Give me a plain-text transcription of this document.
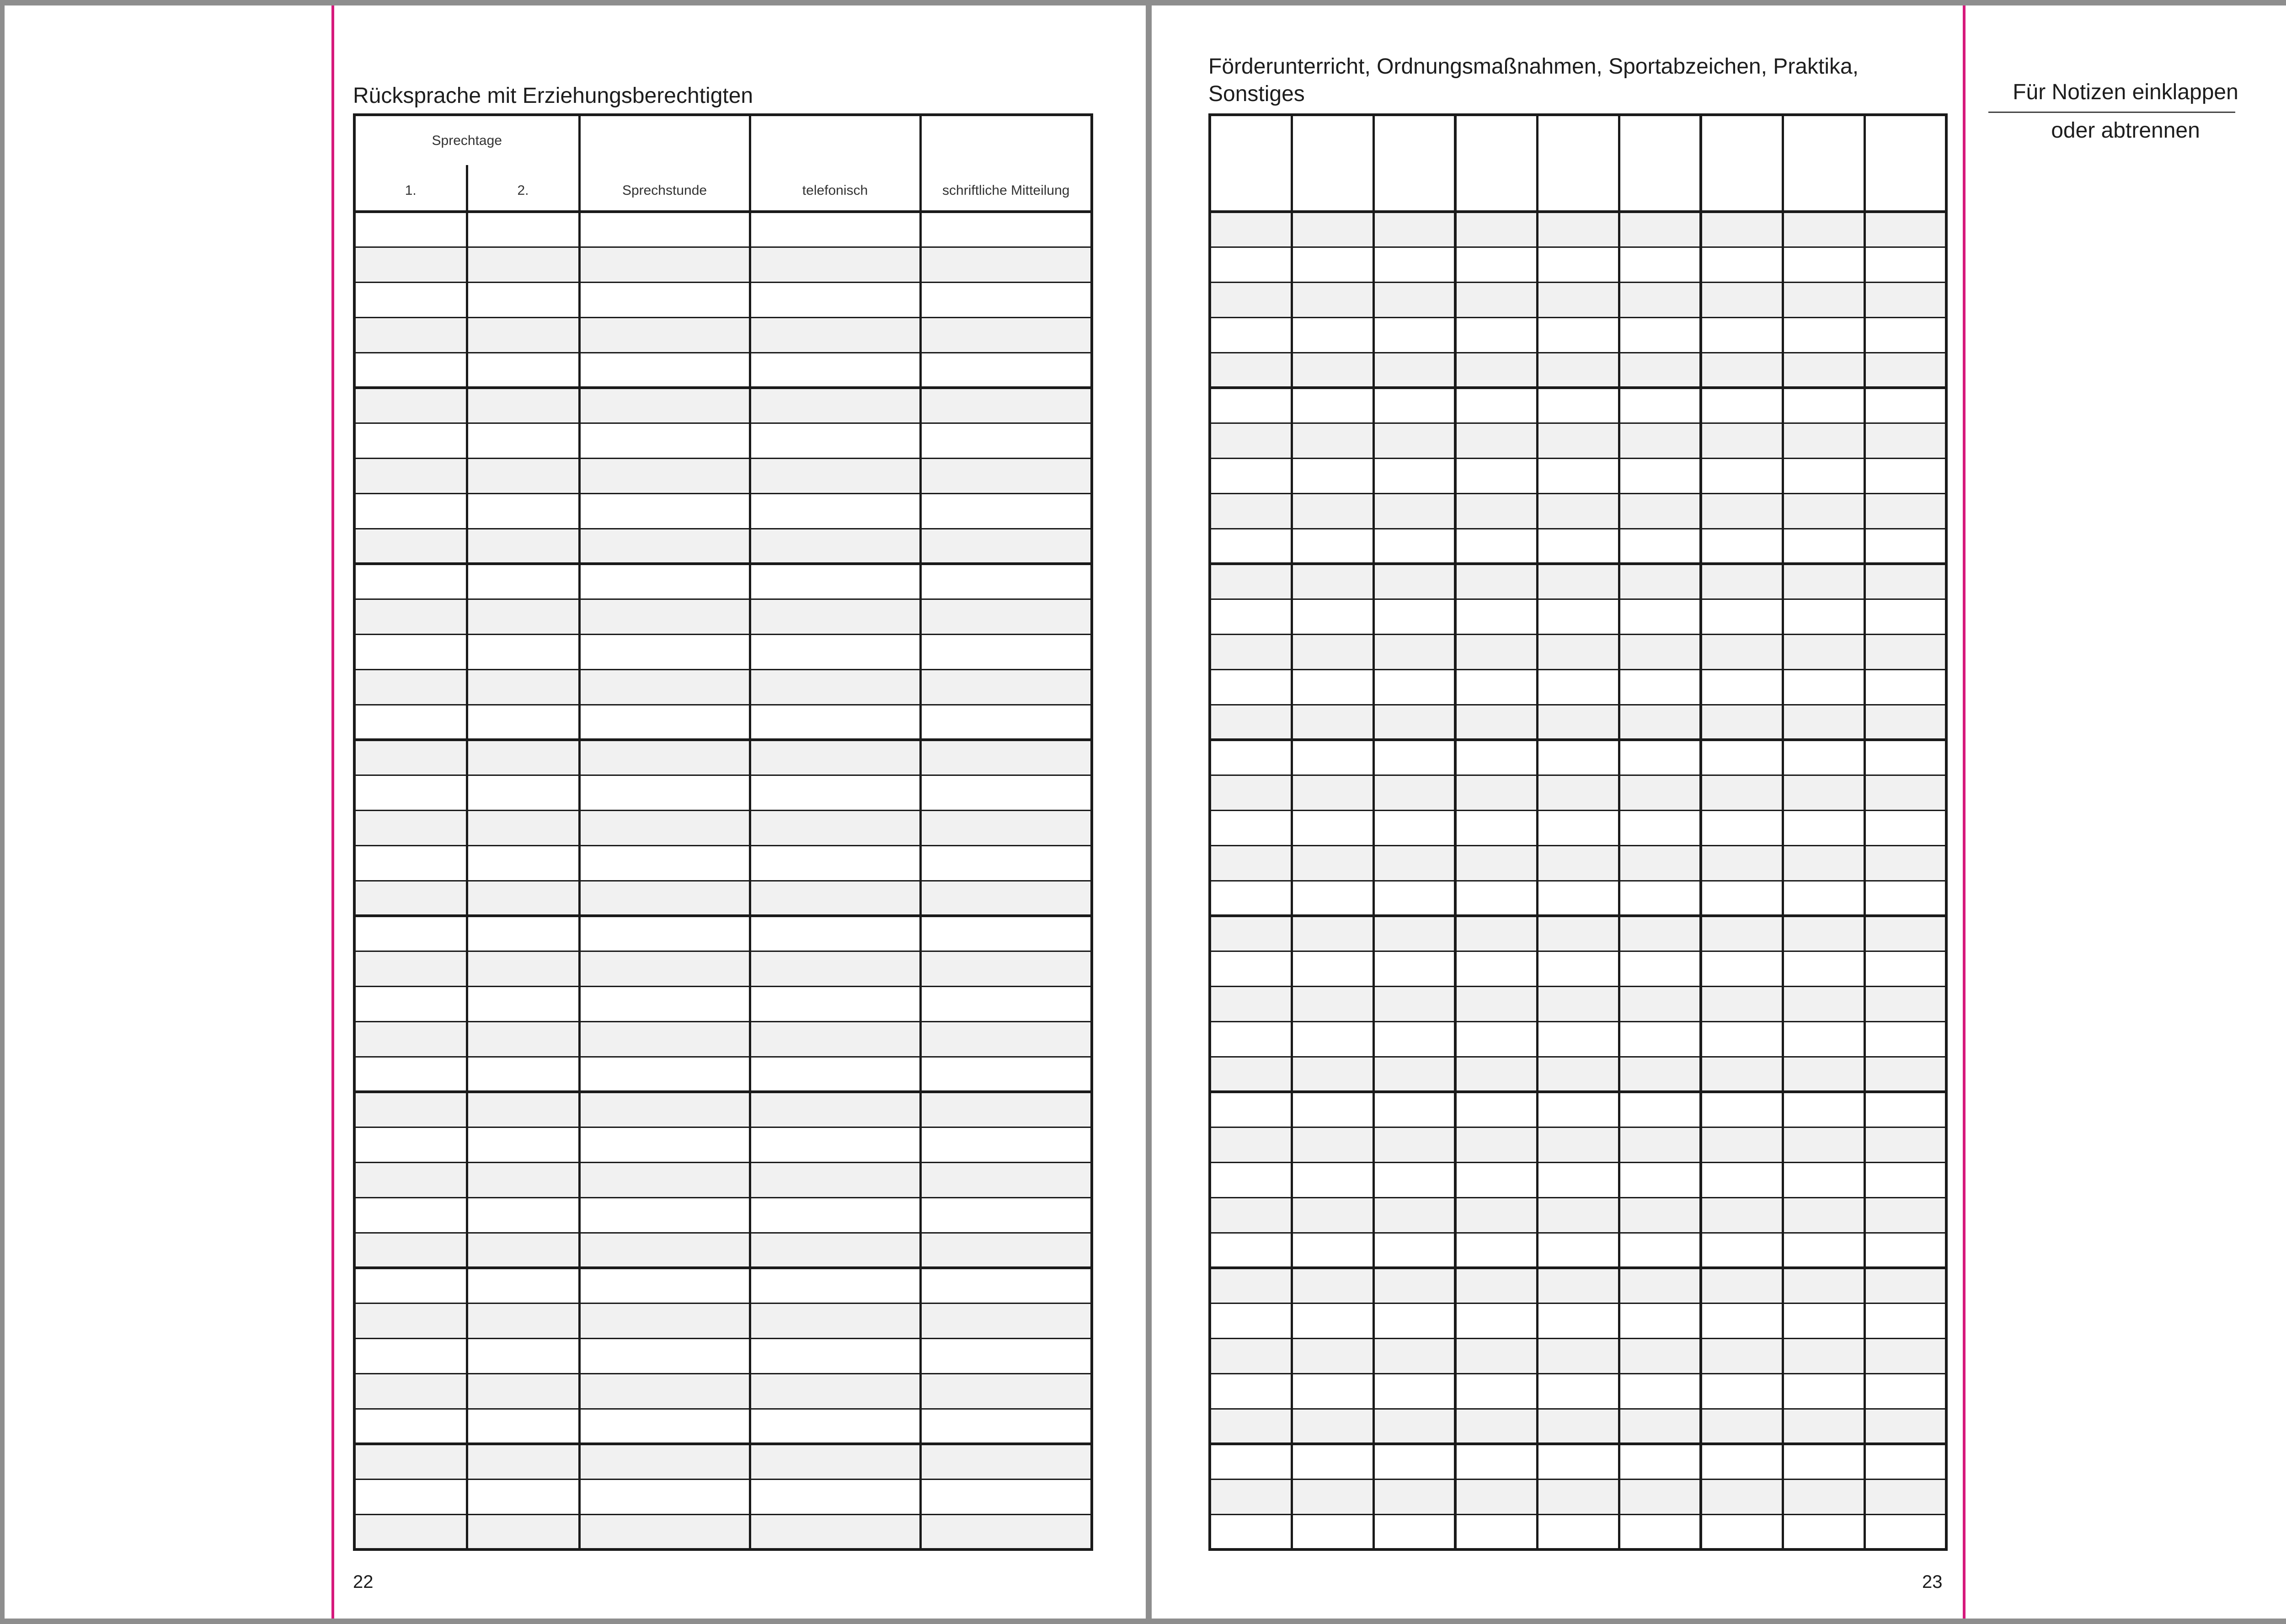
Rücksprache mit Erziehungsberechtigten
Sprechtage		Sprechstunde	telefonisch	schriftliche Mitteilung
1.	2.			

22
Förderunterricht, Ordnungsmaßnahmen, Sportabzeichen, Praktika,
Sonstiges

23
Für Notizen einklappen
oder abtrennen
